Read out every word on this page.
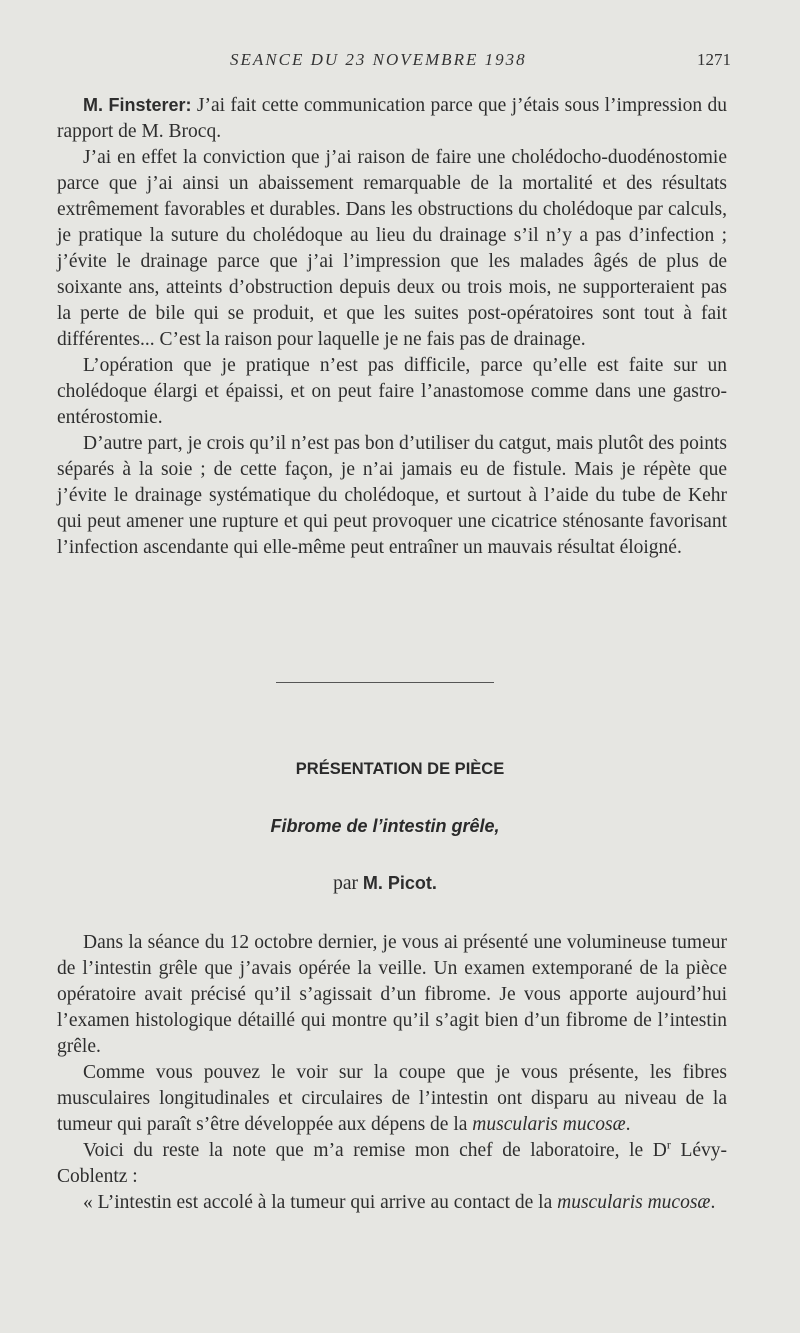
SEANCE DU 23 NOVEMBRE 1938	1271

M. Finsterer: J’ai fait cette communication parce que j’étais sous l’impression du rapport de M. Brocq.

J’ai en effet la conviction que j’ai raison de faire une cholédocho-duodénostomie parce que j’ai ainsi un abaissement remarquable de la mortalité et des résultats extrêmement favorables et durables. Dans les obstructions du cholédoque par calculs, je pratique la suture du cholédoque au lieu du drainage s’il n’y a pas d’infection ; j’évite le drainage parce que j’ai l’impression que les malades âgés de plus de soixante ans, atteints d’obstruction depuis deux ou trois mois, ne supporteraient pas la perte de bile qui se produit, et que les suites post-opératoires sont tout à fait différentes... C’est la raison pour laquelle je ne fais pas de drainage.

L’opération que je pratique n’est pas difficile, parce qu’elle est faite sur un cholédoque élargi et épaissi, et on peut faire l’anastomose comme dans une gastro-entérostomie.

D’autre part, je crois qu’il n’est pas bon d’utiliser du catgut, mais plutôt des points séparés à la soie ; de cette façon, je n’ai jamais eu de fistule. Mais je répète que j’évite le drainage systématique du cholédoque, et surtout à l’aide du tube de Kehr qui peut amener une rupture et qui peut provoquer une cicatrice sténosante favorisant l’infection ascendante qui elle-même peut entraîner un mauvais résultat éloigné.

PRÉSENTATION DE PIÈCE
Fibrome de l’intestin grêle,
par M. Picot.

Dans la séance du 12 octobre dernier, je vous ai présenté une volumineuse tumeur de l’intestin grêle que j’avais opérée la veille. Un examen extemporané de la pièce opératoire avait précisé qu’il s’agissait d’un fibrome. Je vous apporte aujourd’hui l’examen histologique détaillé qui montre qu’il s’agit bien d’un fibrome de l’intestin grêle.

Comme vous pouvez le voir sur la coupe que je vous présente, les fibres musculaires longitudinales et circulaires de l’intestin ont disparu au niveau de la tumeur qui paraît s’être développée aux dépens de la muscularis mucosæ.

Voici du reste la note que m’a remise mon chef de laboratoire, le $D^r$ Lévy-Coblentz :

« L’intestin est accolé à la tumeur qui arrive au contact de la muscularis mucosæ.
